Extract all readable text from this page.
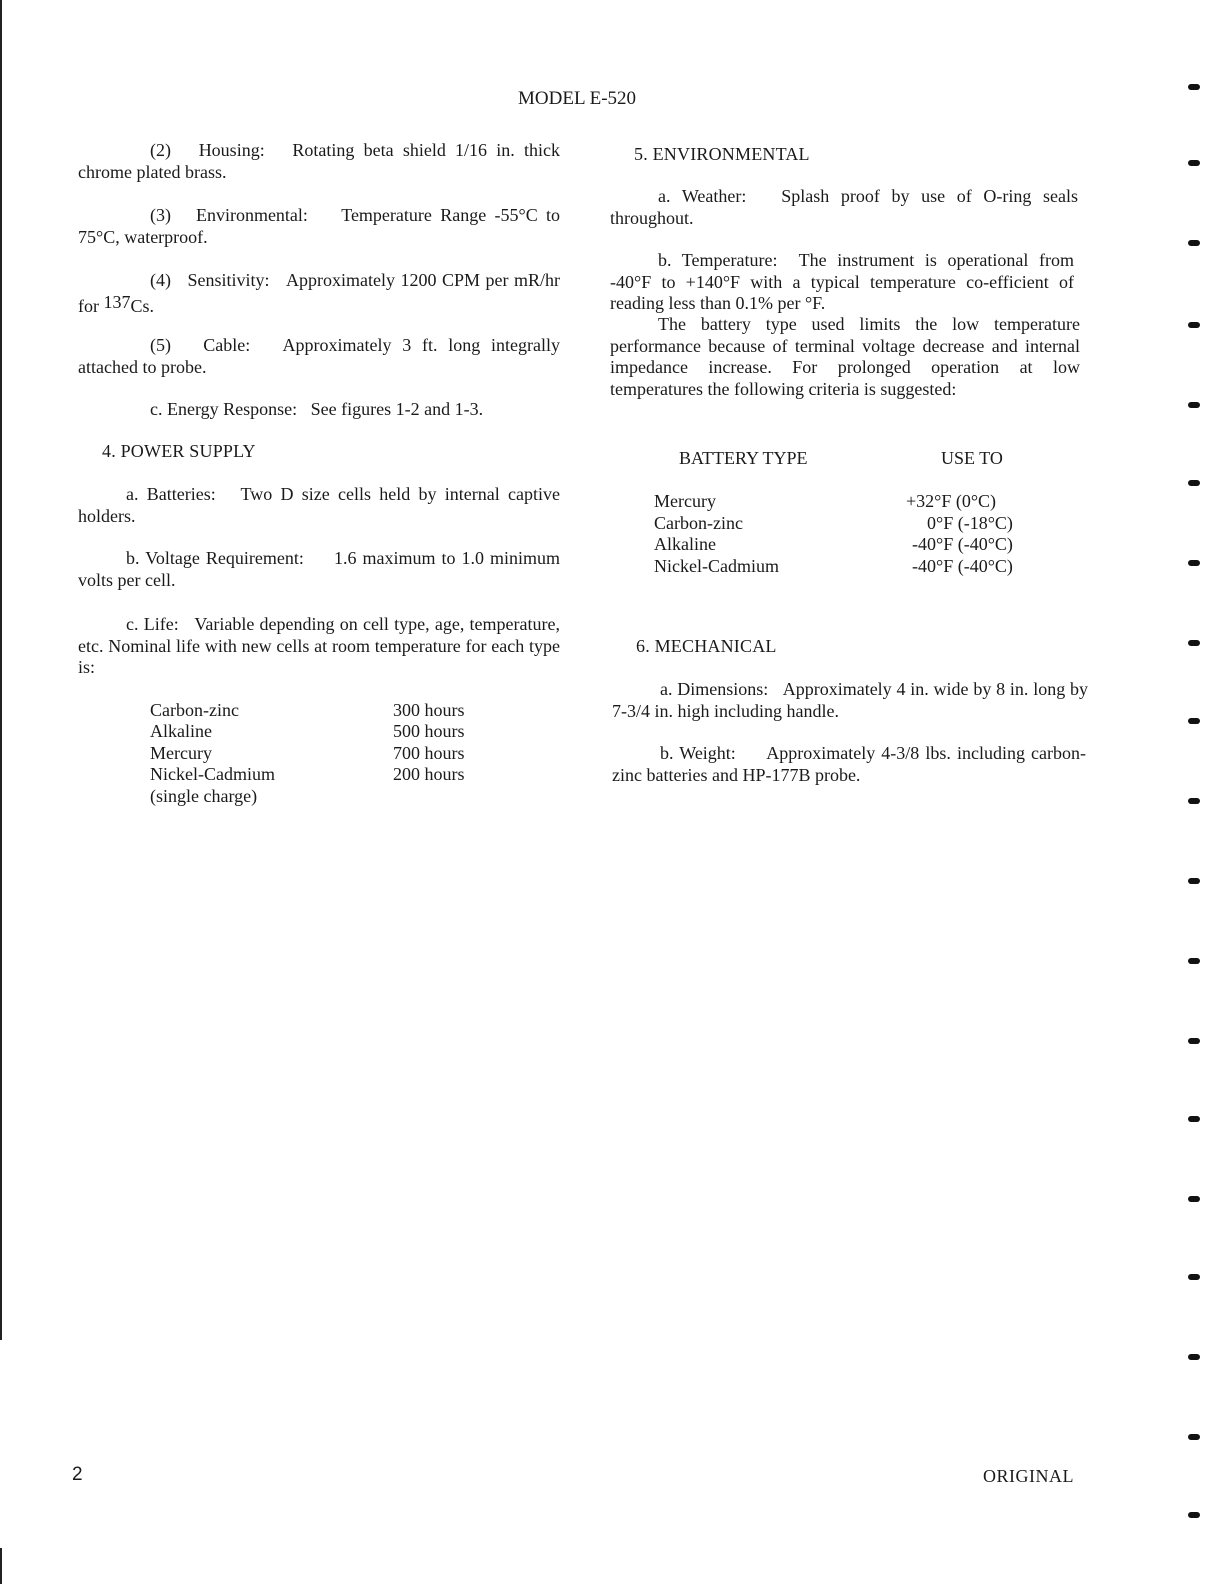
MODEL E-520
(2) Housing: Rotating beta shield 1/16 in. thick chrome plated brass.
(3) Environmental: Temperature Range -55°C to 75°C, waterproof.
(4) Sensitivity: Approximately 1200 CPM per mR/hr for 137Cs.
(5) Cable: Approximately 3 ft. long integrally attached to probe.
c. Energy Response: See figures 1-2 and 1-3.
4. POWER SUPPLY
a. Batteries: Two D size cells held by internal captive holders.
b. Voltage Requirement: 1.6 maximum to 1.0 minimum volts per cell.
c. Life: Variable depending on cell type, age, temperature, etc. Nominal life with new cells at room temperature for each type is:
Carbon-zinc	300 hours
Alkaline	500 hours
Mercury	700 hours
Nickel-Cadmium	200 hours
(single charge)
5. ENVIRONMENTAL
a. Weather: Splash proof by use of O-ring seals throughout.
b. Temperature: The instrument is operational from -40°F to +140°F with a typical temperature co-efficient of reading less than 0.1% per °F.
The battery type used limits the low temperature performance because of terminal voltage decrease and internal impedance increase. For prolonged operation at low temperatures the following criteria is suggested:
BATTERY TYPE	USE TO
Mercury	+32°F (0°C)
Carbon-zinc	0°F (-18°C)
Alkaline	-40°F (-40°C)
Nickel-Cadmium	-40°F (-40°C)
6. MECHANICAL
a. Dimensions: Approximately 4 in. wide by 8 in. long by 7-3/4 in. high including handle.
b. Weight: Approximately 4-3/8 lbs. including carbon-zinc batteries and HP-177B probe.
2	ORIGINAL
